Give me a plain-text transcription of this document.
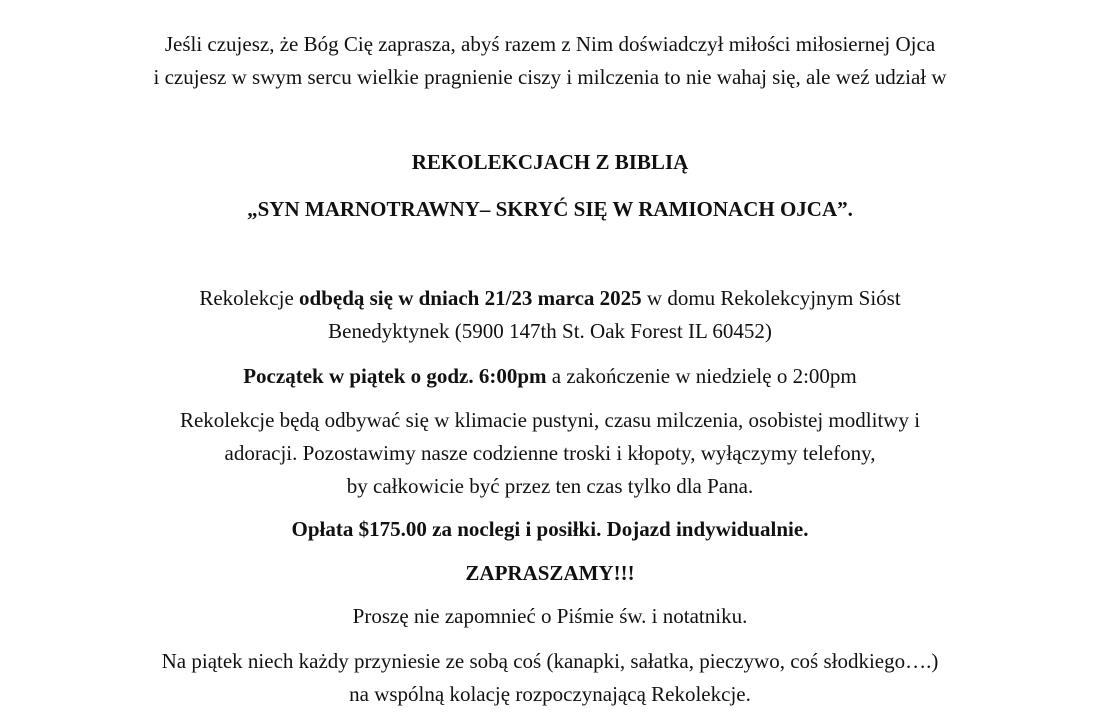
Jeśli czujesz, że Bóg Cię zaprasza, abyś razem z Nim doświadczył miłości miłosiernej Ojca
i czujesz w swym sercu wielkie pragnienie ciszy i milczenia to nie wahaj się, ale weź udział w
REKOLEKCJACH Z BIBLIĄ
„SYN MARNOTRAWNY– SKRYĆ SIĘ W RAMIONACH OJCA”.
Rekolekcje odbędą się w dniach 21/23 marca 2025 w domu Rekolekcyjnym Sióst
Benedyktynek (5900 147th St. Oak Forest IL 60452)
Początek w piątek o godz. 6:00pm a zakończenie w niedzielę o 2:00pm
Rekolekcje będą odbywać się w klimacie pustyni, czasu milczenia, osobistej modlitwy i
adoracji. Pozostawimy nasze codzienne troski i kłopoty, wyłączymy telefony,
by całkowicie być przez ten czas tylko dla Pana.
Opłata $175.00 za noclegi i posiłki. Dojazd indywidualnie.
ZAPRASZAMY!!!
Proszę nie zapomnieć o Piśmie św. i notatniku.
Na piątek niech każdy przyniesie ze sobą coś (kanapki, sałatka, pieczywo, coś słodkiego….)
na wspólną kolację rozpoczynającą Rekolekcje.
